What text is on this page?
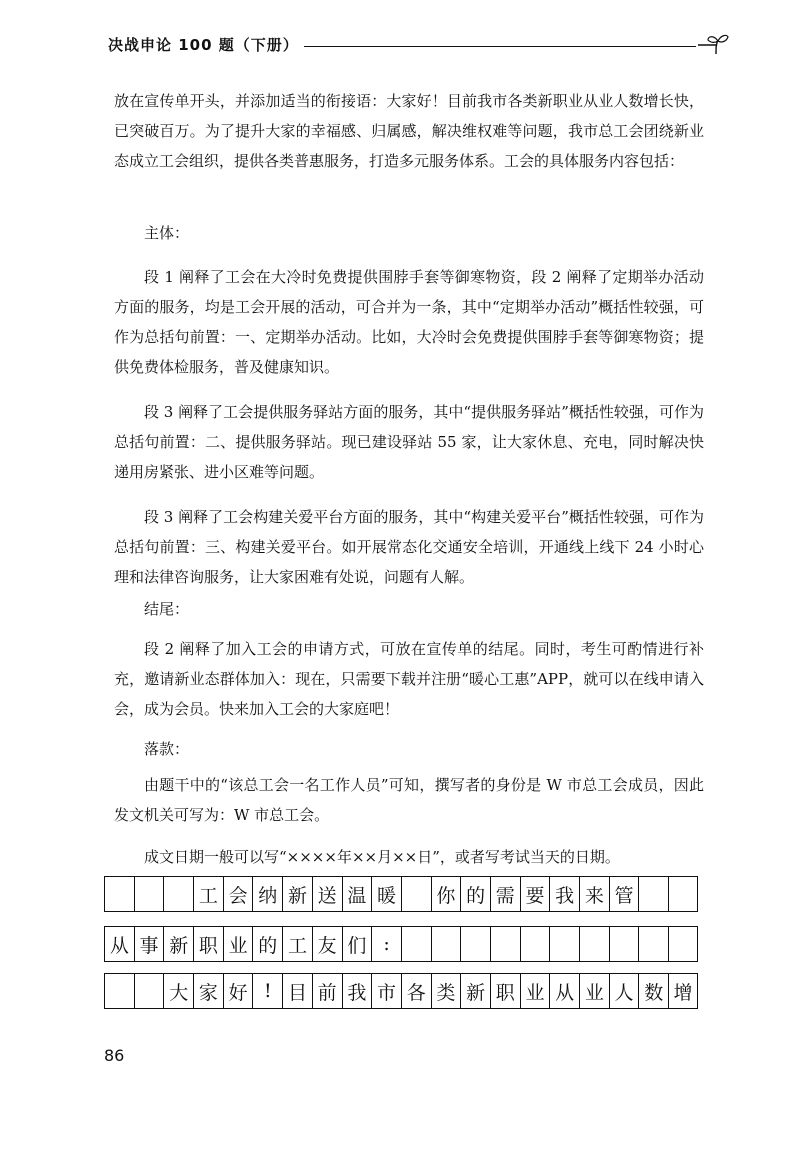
决战申论 100 题（下册）

放在宣传单开头，并添加适当的衔接语：大家好！目前我市各类新职业从业人数增长快，已突破百万。为了提升大家的幸福感、归属感，解决维权难等问题，我市总工会团绕新业态成立工会组织，提供各类普惠服务，打造多元服务体系。工会的具体服务内容包括：

主体：

段 1 阐释了工会在大冷时免费提供围脖手套等御寒物资，段 2 阐释了定期举办活动方面的服务，均是工会开展的活动，可合并为一条，其中“定期举办活动”概括性较强，可作为总括句前置：一、定期举办活动。比如，大冷时会免费提供围脖手套等御寒物资；提供免费体检服务，普及健康知识。

段 3 阐释了工会提供服务驿站方面的服务，其中“提供服务驿站”概括性较强，可作为总括句前置：二、提供服务驿站。现已建设驿站 55 家，让大家休息、充电，同时解决快递用房紧张、进小区难等问题。

段 3 阐释了工会构建关爱平台方面的服务，其中“构建关爱平台”概括性较强，可作为总括句前置：三、构建关爱平台。如开展常态化交通安全培训，开通线上线下 24 小时心理和法律咨询服务，让大家困难有处说，问题有人解。

结尾：

段 2 阐释了加入工会的申请方式，可放在宣传单的结尾。同时，考生可酌情进行补充，邀请新业态群体加入：现在，只需要下载并注册“暖心工惠”APP，就可以在线申请入会，成为会员。快来加入工会的大家庭吧！

落款：

由题干中的“该总工会一名工作人员”可知，撰写者的身份是 W 市总工会成员，因此发文机关可写为：W 市总工会。

成文日期一般可以写“××××年××月××日”，或者写考试当天的日期。

工 会 纳 新 送 温 暖	你 的 需 要 我 来 管
从 事 新 职 业 的 工 友 们 :
大 家 好 ! 目 前 我 市 各 类 新 职 业 从 业 人 数 增
86
